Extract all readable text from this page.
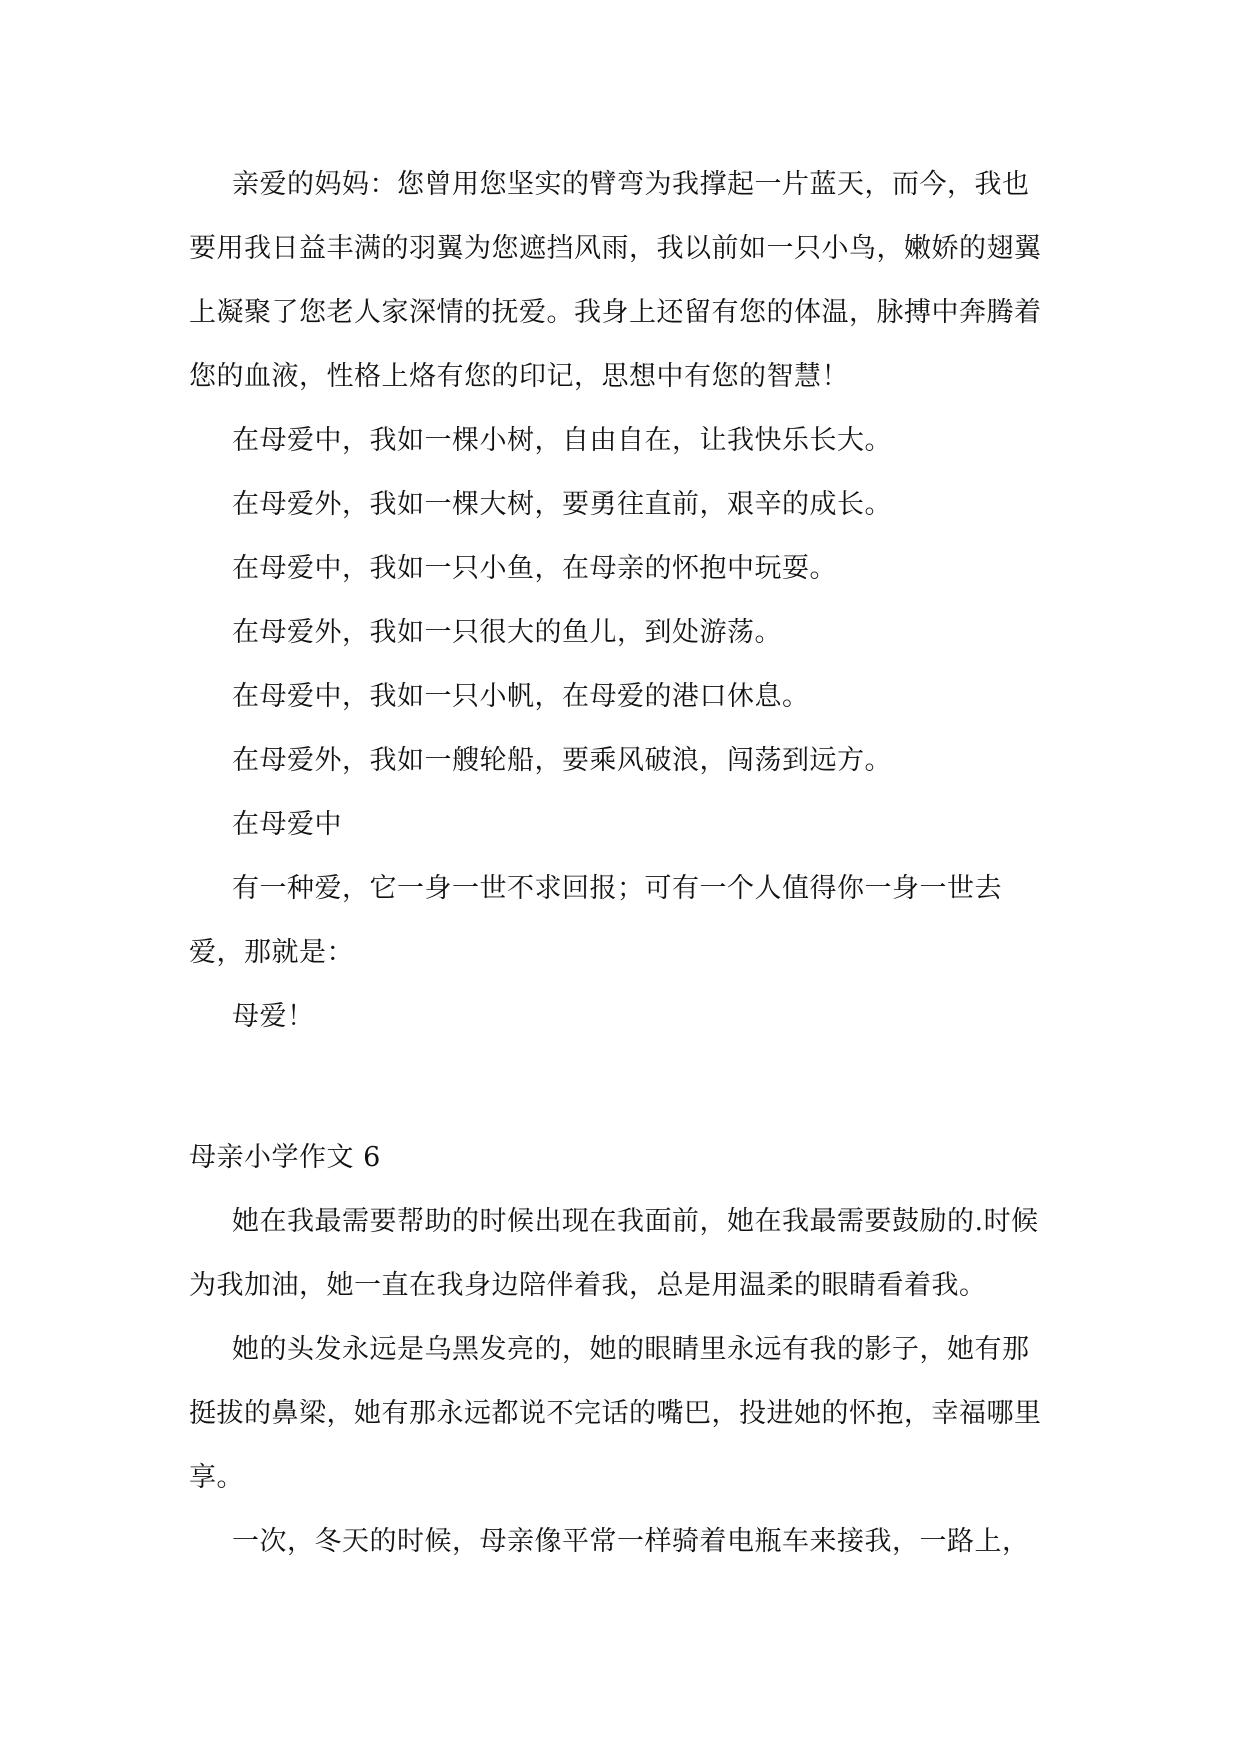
亲爱的妈妈：您曾用您坚实的臂弯为我撑起一片蓝天，而今，我也要用我日益丰满的羽翼为您遮挡风雨，我以前如一只小鸟，嫩娇的翅翼上凝聚了您老人家深情的抚爱。我身上还留有您的体温，脉搏中奔腾着您的血液，性格上烙有您的印记，思想中有您的智慧！

在母爱中，我如一棵小树，自由自在，让我快乐长大。

在母爱外，我如一棵大树，要勇往直前，艰辛的成长。

在母爱中，我如一只小鱼，在母亲的怀抱中玩耍。

在母爱外，我如一只很大的鱼儿，到处游荡。

在母爱中，我如一只小帆，在母爱的港口休息。

在母爱外，我如一艘轮船，要乘风破浪，闯荡到远方。

在母爱中

有一种爱，它一身一世不求回报；可有一个人值得你一身一世去爱，那就是：

母爱！

母亲小学作文 6

她在我最需要帮助的时候出现在我面前，她在我最需要鼓励的.时候为我加油，她一直在我身边陪伴着我，总是用温柔的眼睛看着我。

她的头发永远是乌黑发亮的，她的眼睛里永远有我的影子，她有那挺拔的鼻梁，她有那永远都说不完话的嘴巴，投进她的怀抱，幸福哪里享。

一次，冬天的时候，母亲像平常一样骑着电瓶车来接我，一路上，
